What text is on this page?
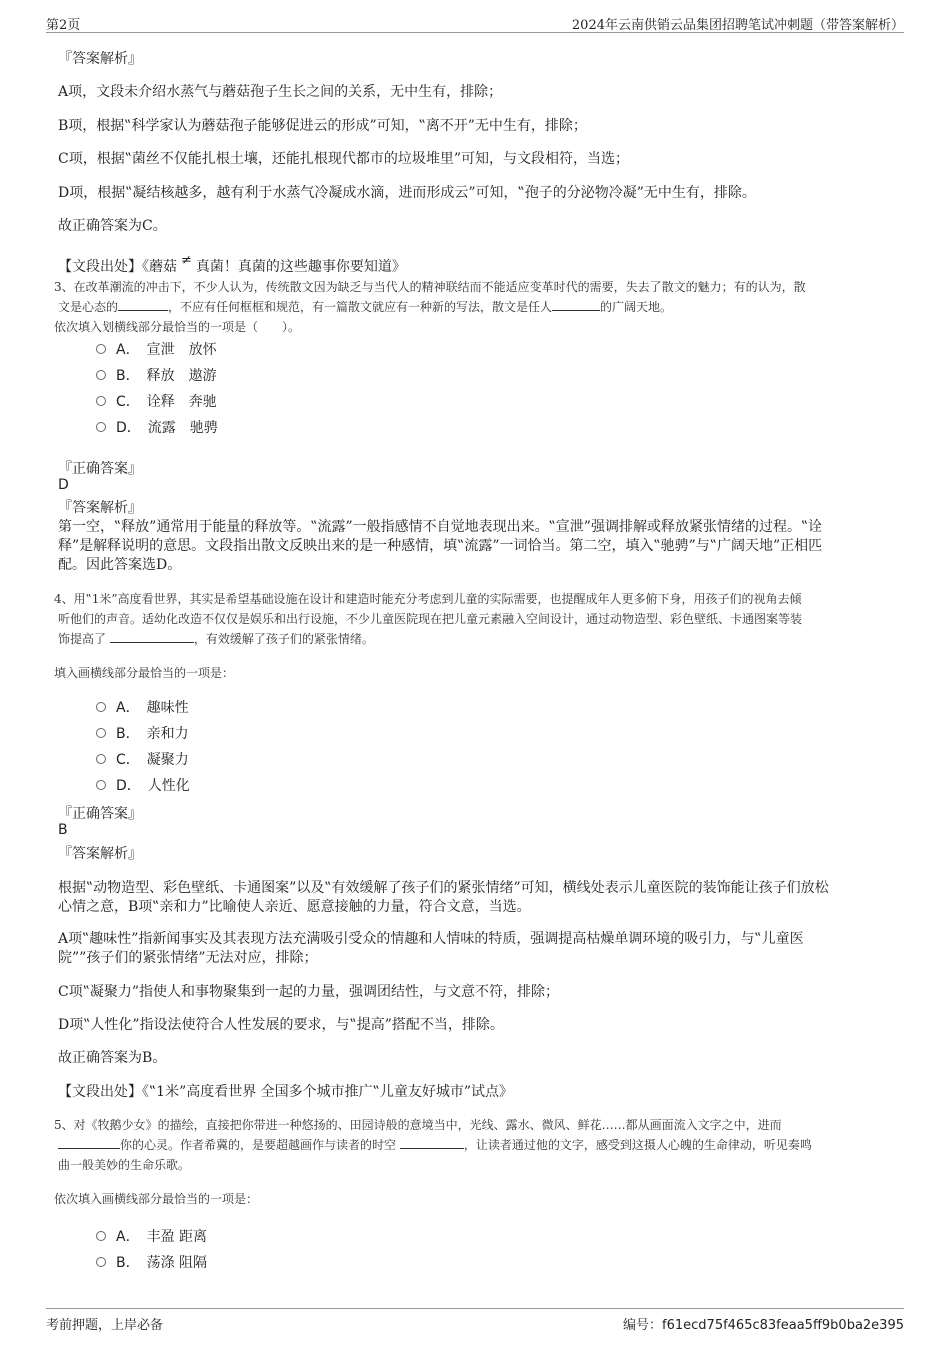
第2页	2024年云南供销云品集团招聘笔试冲刺题（带答案解析）
『答案解析』
A项，文段未介绍水蒸气与蘑菇孢子生长之间的关系，无中生有，排除；
B项，根据‟科学家认为蘑菇孢子能够促进云的形成”可知，‟离不开”无中生有，排除；
C项，根据‟菌丝不仅能扎根土壤，还能扎根现代都市的垃圾堆里”可知，与文段相符，当选；
D项，根据‟凝结核越多，越有利于水蒸气冷凝成水滴，进而形成云”可知，‟孢子的分泌物冷凝”无中生有，排除。
故正确答案为C。
【文段出处】《蘑菇 ≠ 真菌！真菌的这些趣事你要知道》
3、在改革潮流的冲击下，不少人认为，传统散文因为缺乏与当代人的精神联结而不能适应变革时代的需要，失去了散文的魅力；有的认为，散
文是心态的	，不应有任何框框和规范，有一篇散文就应有一种新的写法，散文是任人	的广阔天地。
依次填入划横线部分最恰当的一项是（　　）。
A．　 宣泄　放怀
B．　 释放　遨游
C．　 诠释　奔驰
D．　 流露　驰骋
『正确答案』
D
『答案解析』
第一空，‟释放”通常用于能量的释放等。‟流露”一般指感情不自觉地表现出来。‟宣泄”强调排解或释放紧张情绪的过程。‟诠
释”是解释说明的意思。文段指出散文反映出来的是一种感情，填‟流露”一词恰当。第二空，填入‟驰骋”与‟广阔天地”正相匹
配。因此答案选D。
4、用‟1米”高度看世界，其实是希望基础设施在设计和建造时能充分考虑到儿童的实际需要，也提醒成年人更多俯下身，用孩子们的视角去倾
听他们的声音。适幼化改造不仅仅是娱乐和出行设施，不少儿童医院现在把儿童元素融入空间设计，通过动物造型、彩色壁纸、卡通图案等装
饰提高了	，有效缓解了孩子们的紧张情绪。
填入画横线部分最恰当的一项是：
A．　 趣味性
B．　 亲和力
C．　 凝聚力
D．　 人性化
『正确答案』
B
『答案解析』
根据‟动物造型、彩色壁纸、卡通图案”以及‟有效缓解了孩子们的紧张情绪”可知，横线处表示儿童医院的装饰能让孩子们放松
心情之意，B项‟亲和力”比喻使人亲近、愿意接触的力量，符合文意，当选。
A项‟趣味性”指新闻事实及其表现方法充满吸引受众的情趣和人情味的特质，强调提高枯燥单调环境的吸引力，与‟儿童医
院””孩子们的紧张情绪”无法对应，排除；
C项‟凝聚力”指使人和事物聚集到一起的力量，强调团结性，与文意不符，排除；
D项‟人性化”指设法使符合人性发展的要求，与‟提高”搭配不当，排除。
故正确答案为B。
【文段出处】《‟1米”高度看世界 全国多个城市推广‟儿童友好城市”试点》
5、对《牧鹅少女》的描绘，直接把你带进一种悠扬的、田园诗般的意境当中，光线、露水、微风、鲜花……都从画面流入文字之中，进而
你的心灵。作者希冀的，是要超越画作与读者的时空	，让读者通过他的文字，感受到这摄人心魄的生命律动，听见奏鸣
曲一般美妙的生命乐歌。
依次填入画横线部分最恰当的一项是：
A．　 丰盈 距离
B．　 荡涤 阻隔
考前押题，上岸必备	编号：f61ecd75f465c83feaa5ff9b0ba2e395
